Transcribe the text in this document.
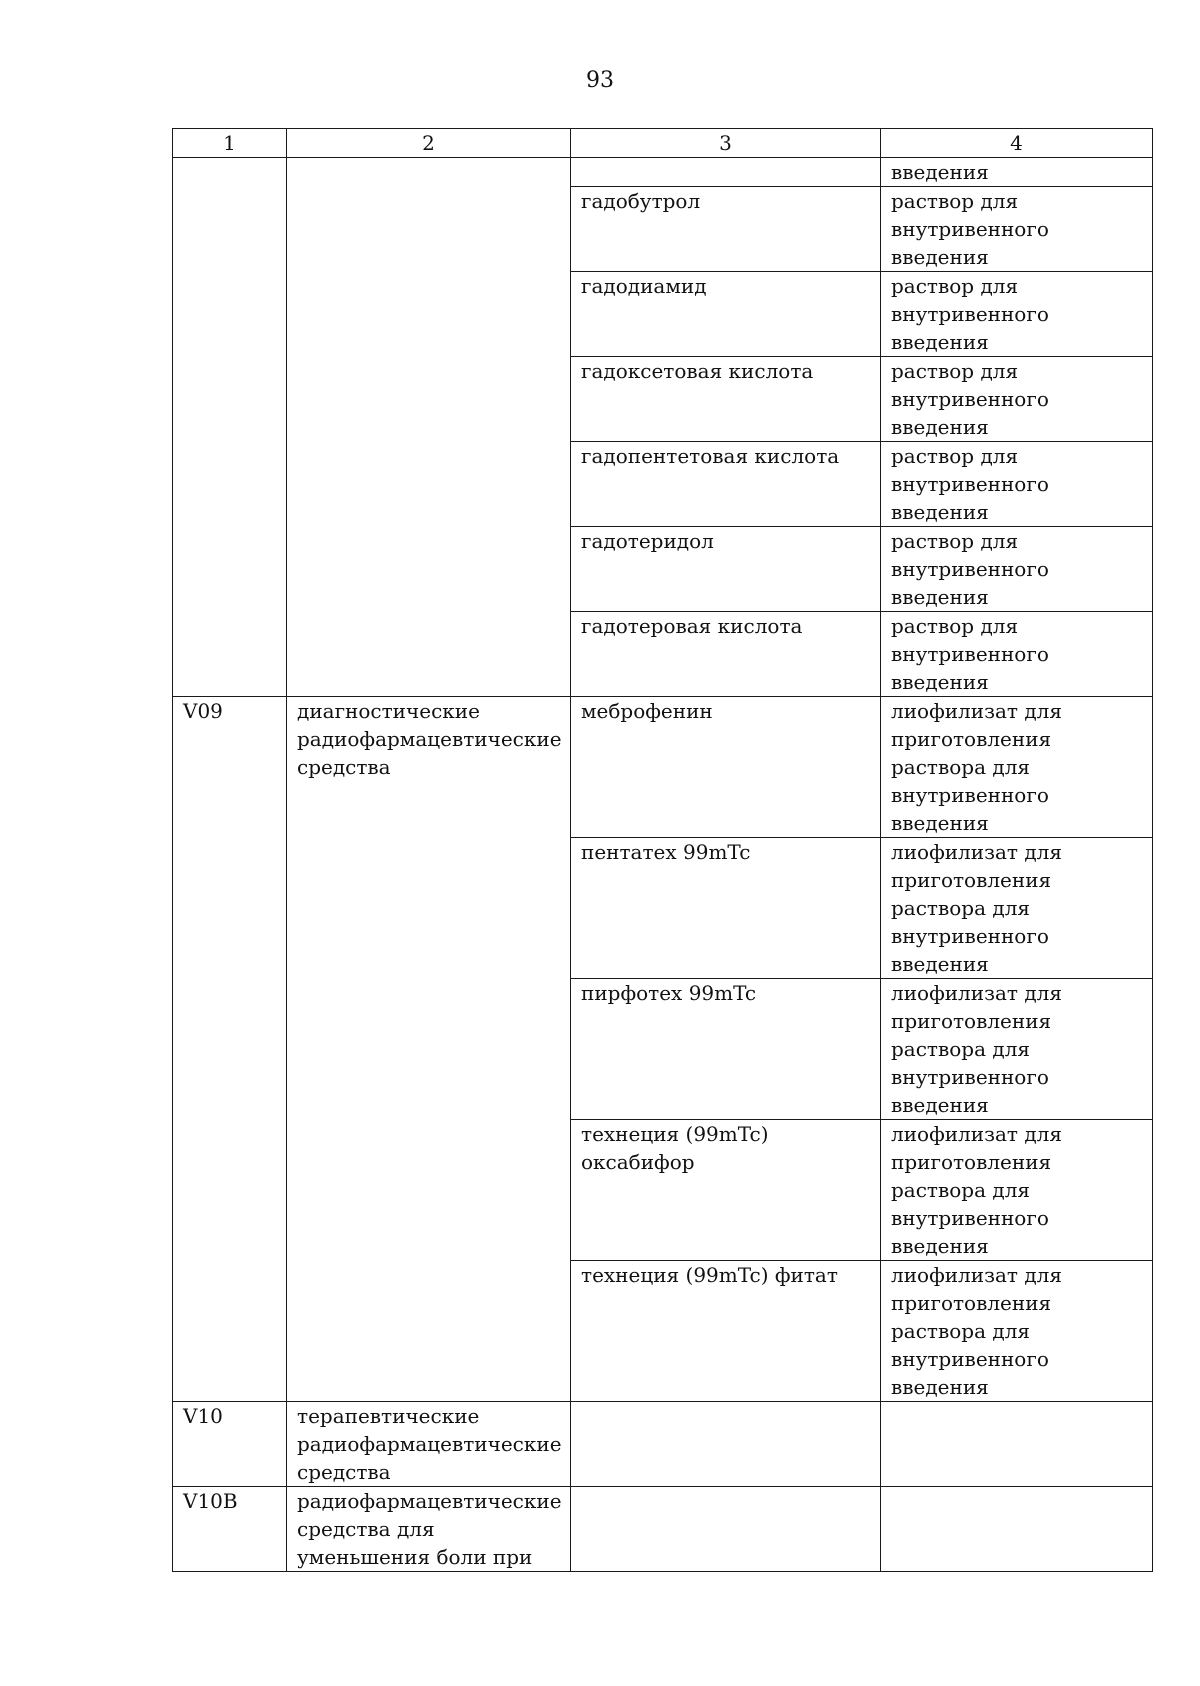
93
1	2	3	4
			введения
		гадобутрол	раствор для внутривенного введения
		гадодиамид	раствор для внутривенного введения
		гадоксетовая кислота	раствор для внутривенного введения
		гадопентетовая кислота	раствор для внутривенного введения
		гадотеридол	раствор для внутривенного введения
		гадотеровая кислота	раствор для внутривенного введения
V09	диагностические радиофармацевтические средства	меброфенин	лиофилизат для приготовления раствора для внутривенного введения
		пентатех 99mTc	лиофилизат для приготовления раствора для внутривенного введения
		пирфотех 99mTc	лиофилизат для приготовления раствора для внутривенного введения
		технеция (99mTc) оксабифор	лиофилизат для приготовления раствора для внутривенного введения
		технеция (99mTc) фитат	лиофилизат для приготовления раствора для внутривенного введения
V10	терапевтические радиофармацевтические средства		
V10B	радиофармацевтические средства для уменьшения боли при		
